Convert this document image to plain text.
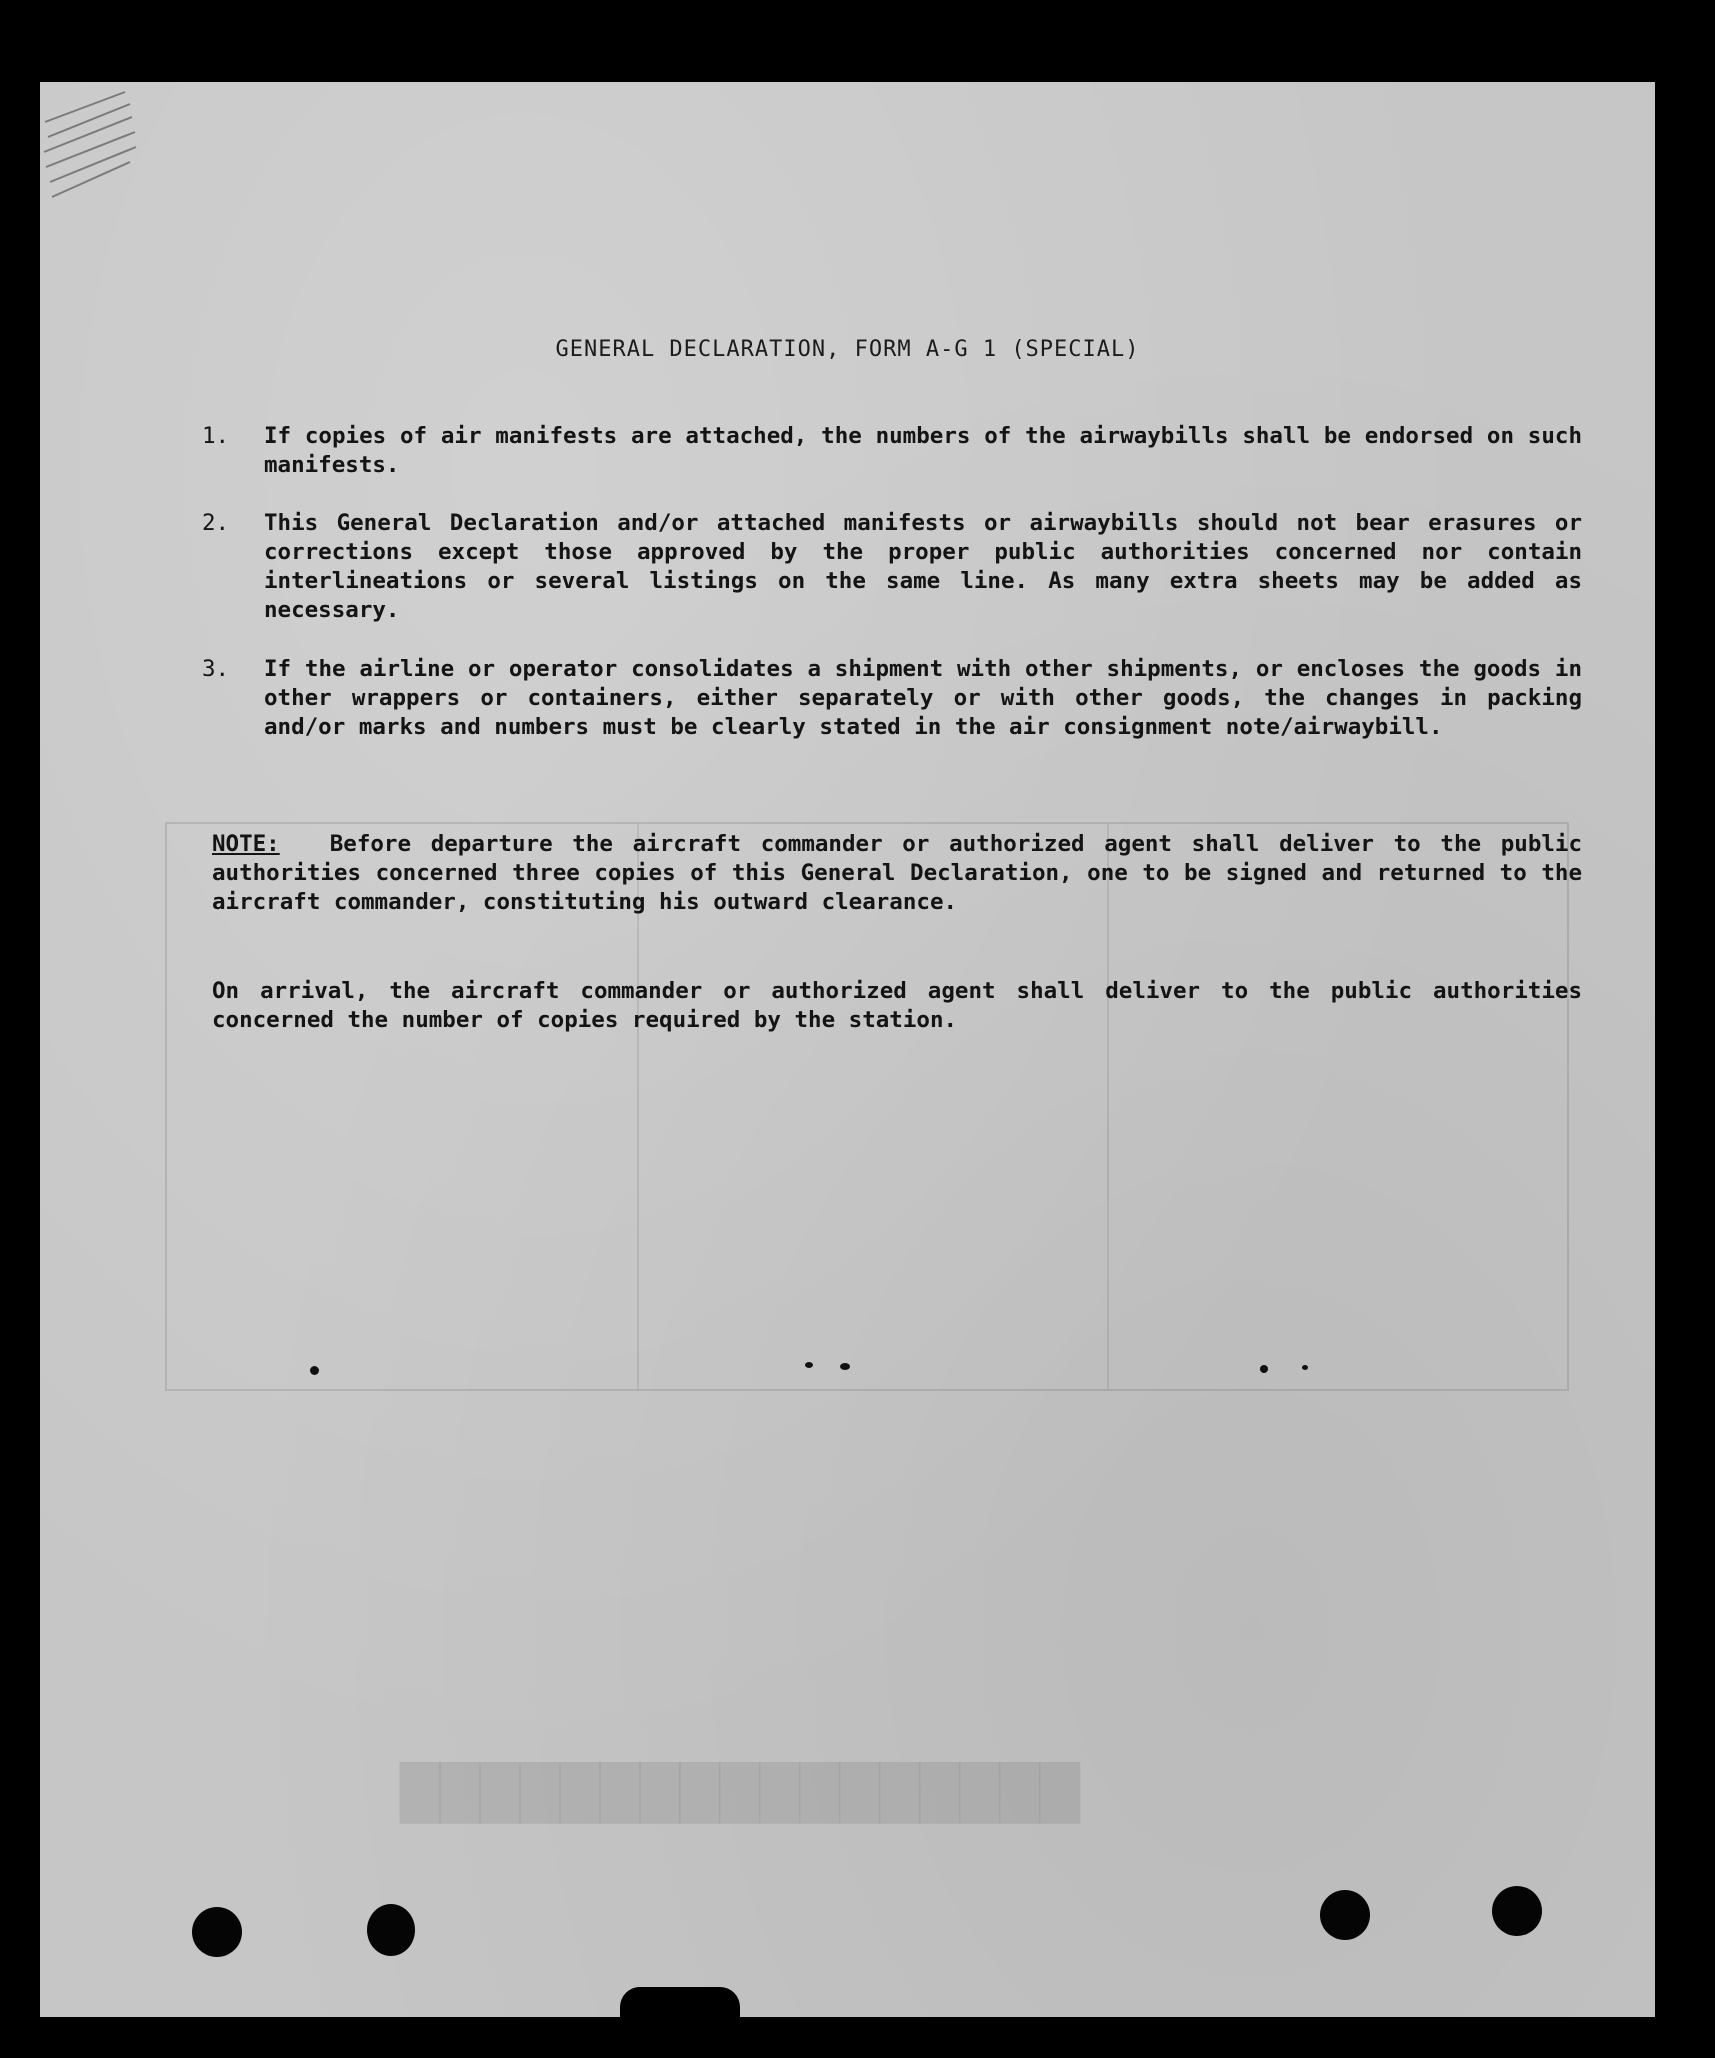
█████████████████
GENERAL DECLARATION, FORM A-G 1 (SPECIAL)
1.	If copies of air manifests are attached, the numbers of the airwaybills shall be endorsed on such manifests.
2.	This General Declaration and/or attached manifests or airwaybills should not bear erasures or corrections except those approved by the proper public authorities concerned nor contain interlineations or several listings on the same line. As many extra sheets may be added as necessary.
3.	If the airline or operator consolidates a shipment with other shipments, or encloses the goods in other wrappers or containers, either separately or with other goods, the changes in packing and/or marks and numbers must be clearly stated in the air consignment note/airwaybill.
NOTE: Before departure the aircraft commander or authorized agent shall deliver to the public authorities concerned three copies of this General Declaration, one to be signed and returned to the aircraft commander, constituting his outward clearance.
On arrival, the aircraft commander or authorized agent shall deliver to the public authorities concerned the number of copies required by the station.
